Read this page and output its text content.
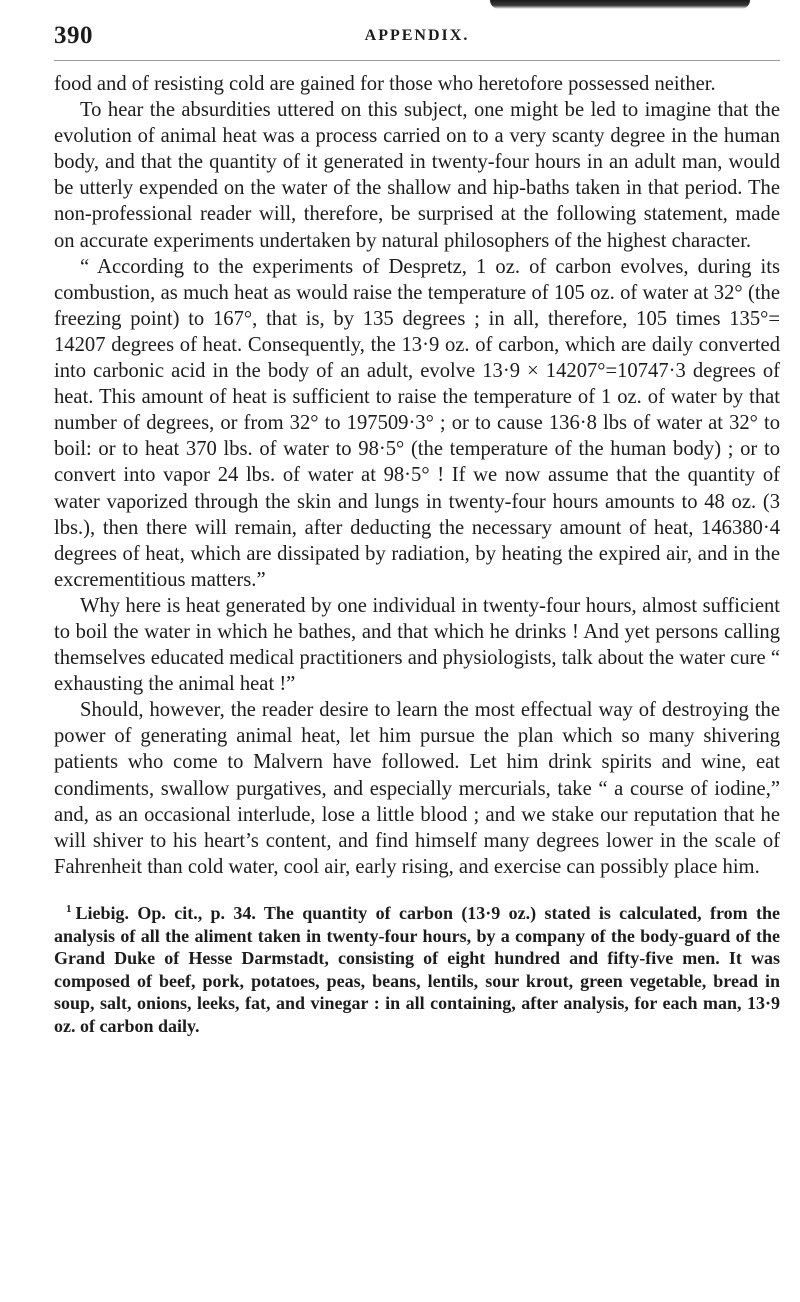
390	APPENDIX.

food and of resisting cold are gained for those who heretofore possessed neither.

To hear the absurdities uttered on this subject, one might be led to imagine that the evolution of animal heat was a process carried on to a very scanty degree in the human body, and that the quantity of it generated in twenty-four hours in an adult man, would be utterly expended on the water of the shallow and hip-baths taken in that period. The non-professional reader will, therefore, be surprised at the following statement, made on accurate experiments undertaken by natural philosophers of the highest character.

“ According to the experiments of Despretz, 1 oz. of carbon evolves, during its combustion, as much heat as would raise the temperature of 105 oz. of water at 32° (the freezing point) to 167°, that is, by 135 degrees ; in all, therefore, 105 times 135°= 14207 degrees of heat. Consequently, the 13·9 oz. of carbon, which are daily converted into carbonic acid in the body of an adult, evolve 13·9 × 14207°=10747·3 degrees of heat. This amount of heat is sufficient to raise the temperature of 1 oz. of water by that number of degrees, or from 32° to 197509·3° ; or to cause 136·8 lbs of water at 32° to boil: or to heat 370 lbs. of water to 98·5° (the temperature of the human body) ; or to convert into vapor 24 lbs. of water at 98·5° ! If we now assume that the quantity of water vaporized through the skin and lungs in twenty-four hours amounts to 48 oz. (3 lbs.), then there will remain, after deducting the necessary amount of heat, 146380·4 degrees of heat, which are dissipated by radiation, by heating the expired air, and in the excrementitious matters.”

Why here is heat generated by one individual in twenty-four hours, almost sufficient to boil the water in which he bathes, and that which he drinks ! And yet persons calling themselves educated medical practitioners and physiologists, talk about the water cure “ exhausting the animal heat !”

Should, however, the reader desire to learn the most effectual way of destroying the power of generating animal heat, let him pursue the plan which so many shivering patients who come to Malvern have followed. Let him drink spirits and wine, eat condiments, swallow purgatives, and especially mercurials, take “ a course of iodine,” and, as an occasional interlude, lose a little blood ; and we stake our reputation that he will shiver to his heart’s content, and find himself many degrees lower in the scale of Fahrenheit than cold water, cool air, early rising, and exercise can possibly place him.

$^1$ Liebig. Op. cit., p. 34. The quantity of carbon (13·9 oz.) stated is calculated, from the analysis of all the aliment taken in twenty-four hours, by a company of the body-guard of the Grand Duke of Hesse Darmstadt, consisting of eight hundred and fifty-five men. It was composed of beef, pork, potatoes, peas, beans, lentils, sour krout, green vegetable, bread in soup, salt, onions, leeks, fat, and vinegar : in all containing, after analysis, for each man, 13·9 oz. of carbon daily.
